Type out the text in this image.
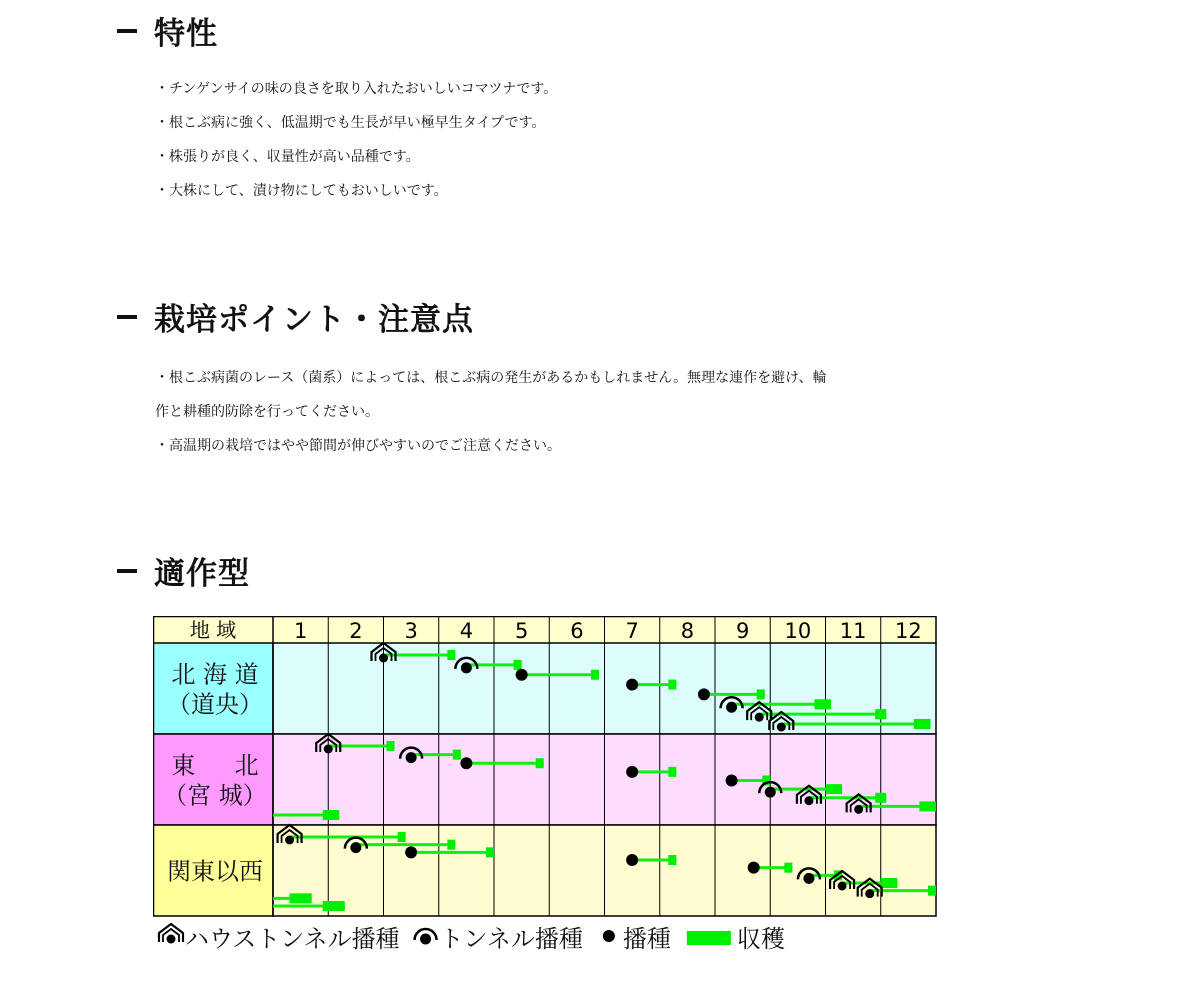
特性
・チンゲンサイの味の良さを取り入れたおいしいコマツナです。
・根こぶ病に強く、低温期でも生長が早い極早生タイプです。
・株張りが良く、収量性が高い品種です。
・大株にして、漬け物にしてもおいしいです。
栽培ポイント・注意点
・根こぶ病菌のレース（菌系）によっては、根こぶ病の発生があるかもしれません。無理な連作を避け、輪
作と耕種的防除を行ってください。
・高温期の栽培ではやや節間が伸びやすいのでご注意ください。
適作型
地 域	1 2 3 4 5 6 7 8 9 10 11 12
北 海 道
（道央）
東 　 北
（宮 城）
関東以西
ハウストンネル播種 トンネル播種 播種	収穫
